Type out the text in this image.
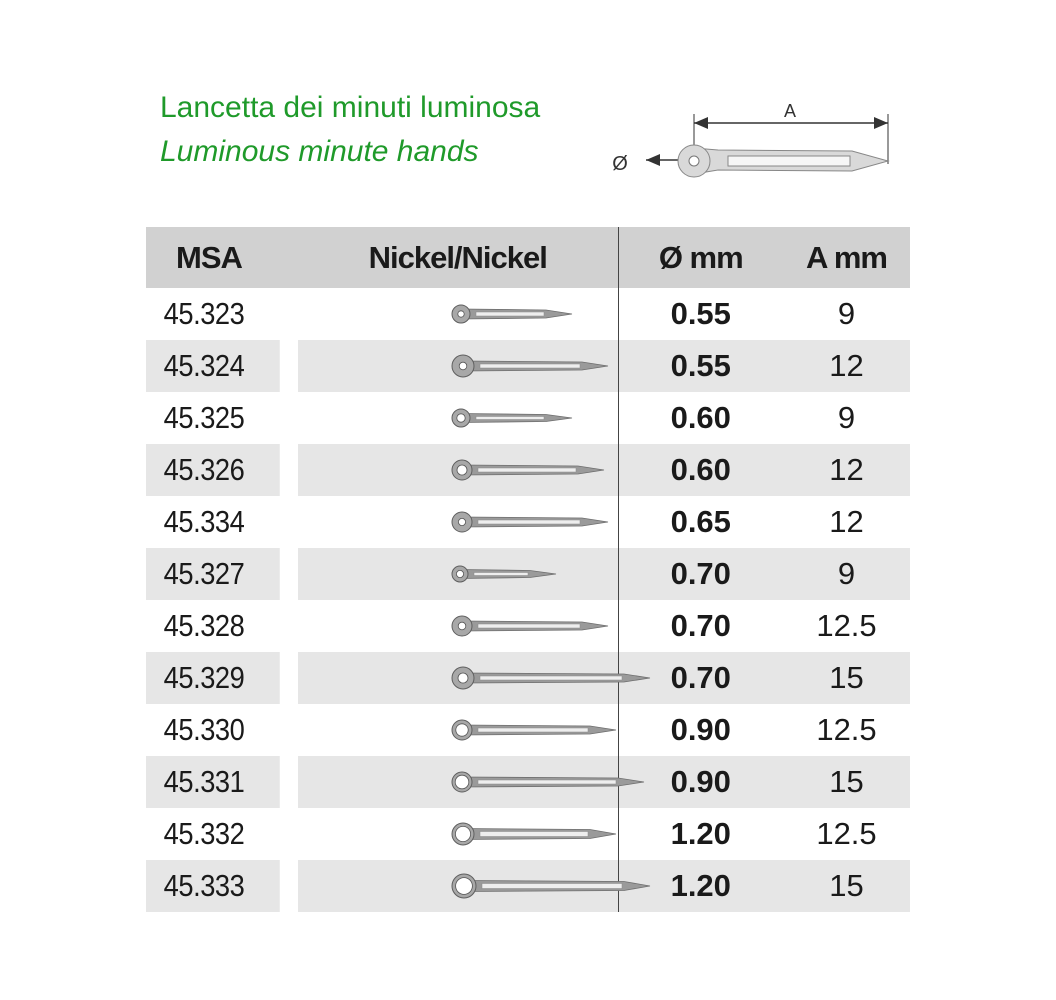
Lancetta dei minuti luminosa
Luminous minute hands
A
Ø
MSA	Nickel/Nickel	Ø mm	A mm
45.323		0.55	9
45.324		0.55	12
45.325		0.60	9
45.326		0.60	12
45.334		0.65	12
45.327		0.70	9
45.328		0.70	12.5
45.329		0.70	15
45.330		0.90	12.5
45.331		0.90	15
45.332		1.20	12.5
45.333		1.20	15
